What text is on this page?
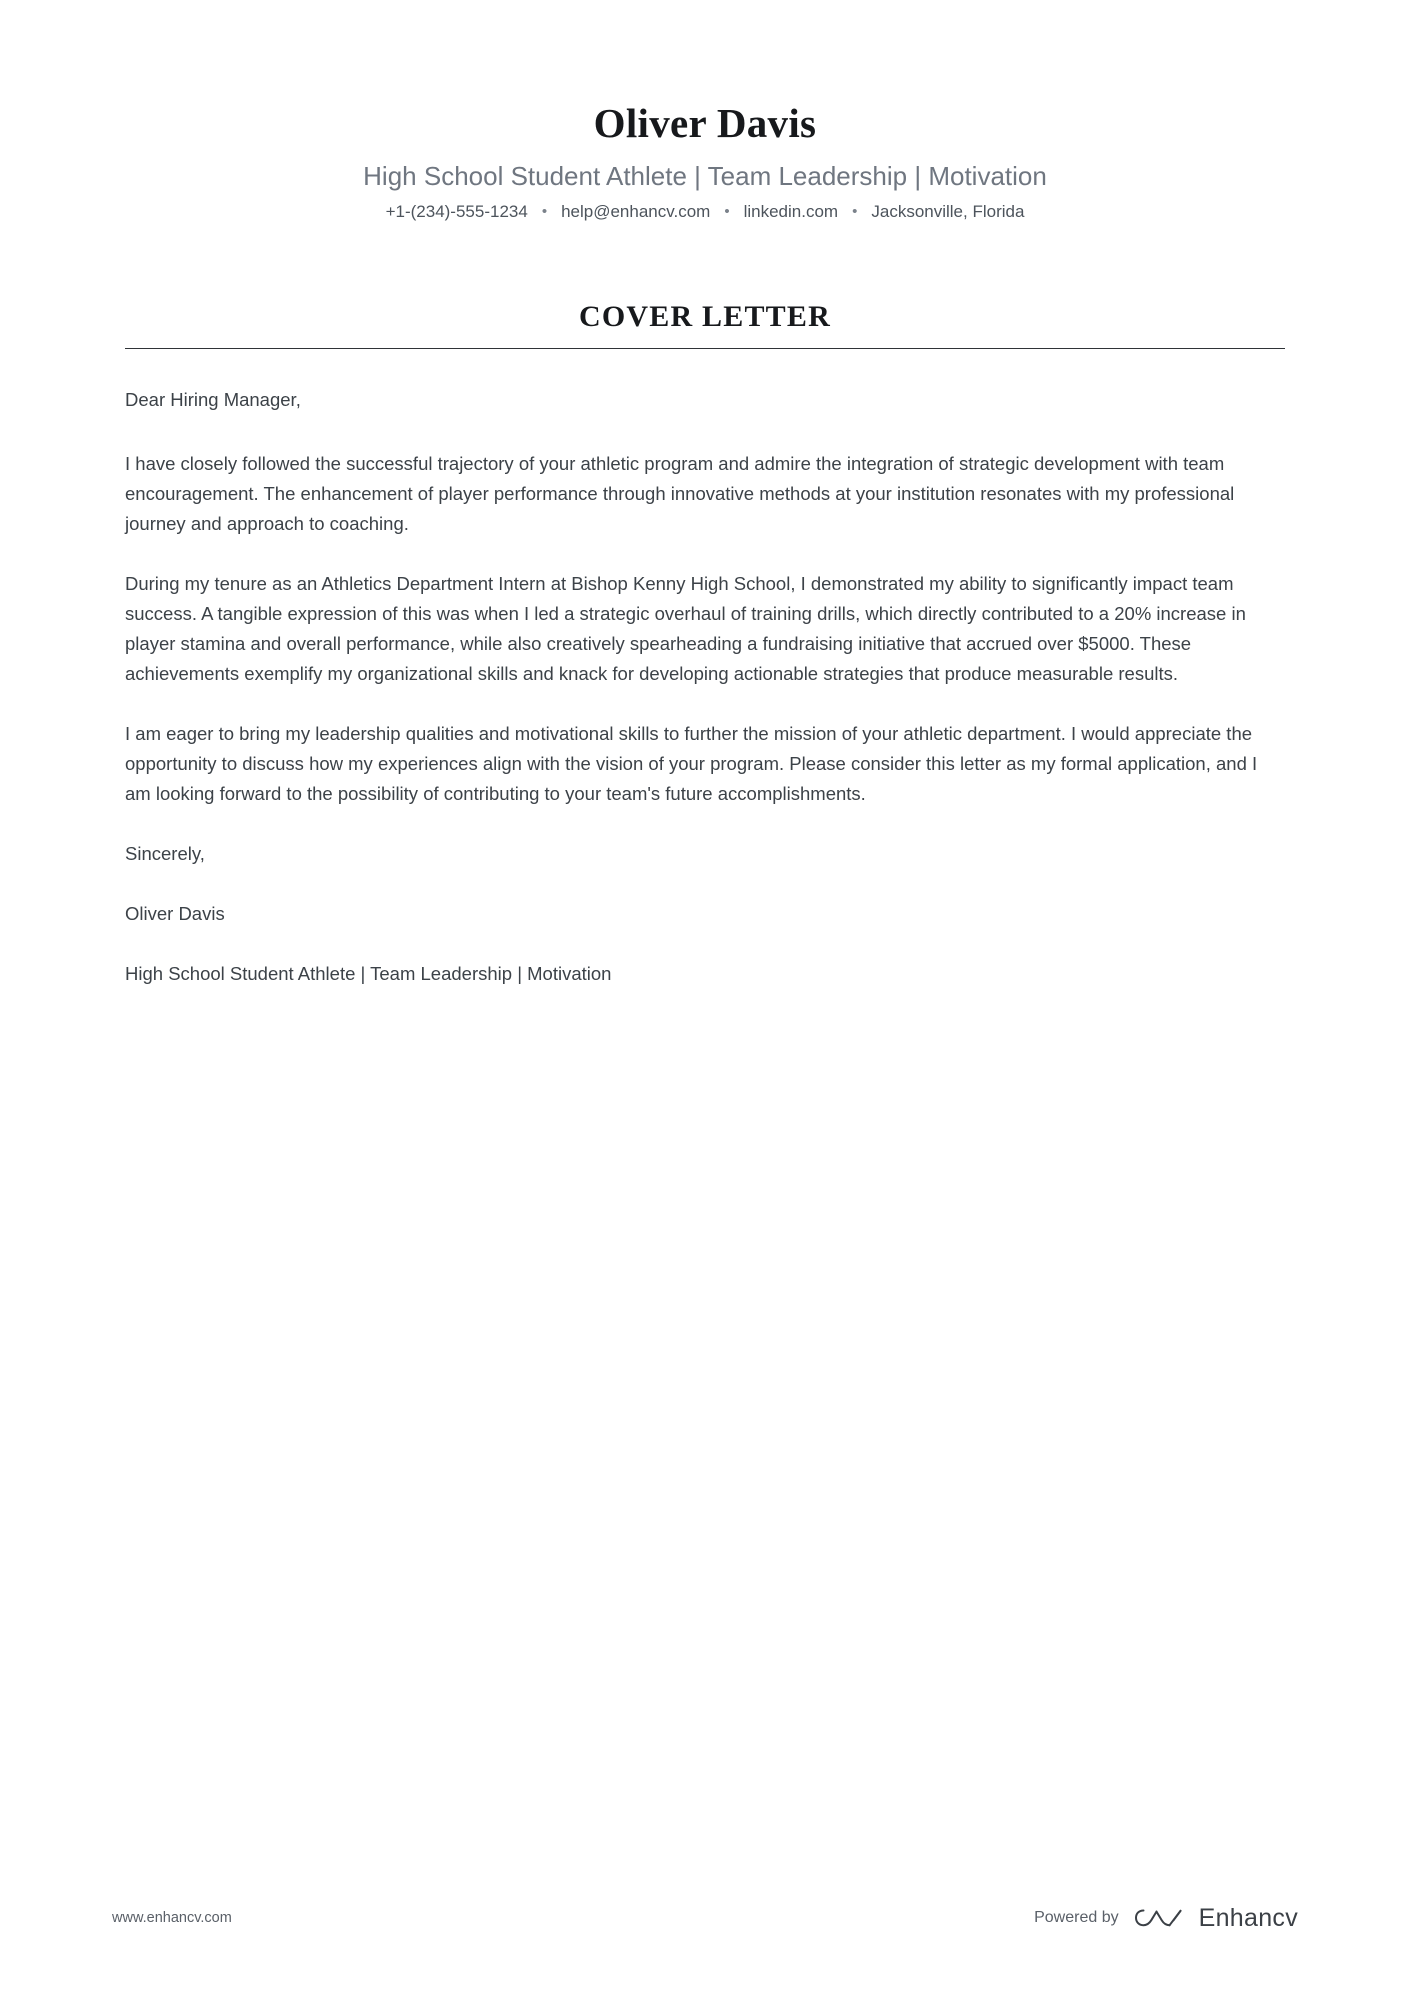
Oliver Davis
High School Student Athlete | Team Leadership | Motivation
+1-(234)-555-1234 • help@enhancv.com • linkedin.com • Jacksonville, Florida
COVER LETTER

Dear Hiring Manager,

I have closely followed the successful trajectory of your athletic program and admire the integration of strategic development with team encouragement. The enhancement of player performance through innovative methods at your institution resonates with my professional journey and approach to coaching.

During my tenure as an Athletics Department Intern at Bishop Kenny High School, I demonstrated my ability to significantly impact team success. A tangible expression of this was when I led a strategic overhaul of training drills, which directly contributed to a 20% increase in player stamina and overall performance, while also creatively spearheading a fundraising initiative that accrued over $5000. These achievements exemplify my organizational skills and knack for developing actionable strategies that produce measurable results.

I am eager to bring my leadership qualities and motivational skills to further the mission of your athletic department. I would appreciate the opportunity to discuss how my experiences align with the vision of your program. Please consider this letter as my formal application, and I am looking forward to the possibility of contributing to your team's future accomplishments.

Sincerely,

Oliver Davis

High School Student Athlete | Team Leadership | Motivation

www.enhancv.com	Powered by	Enhancv
